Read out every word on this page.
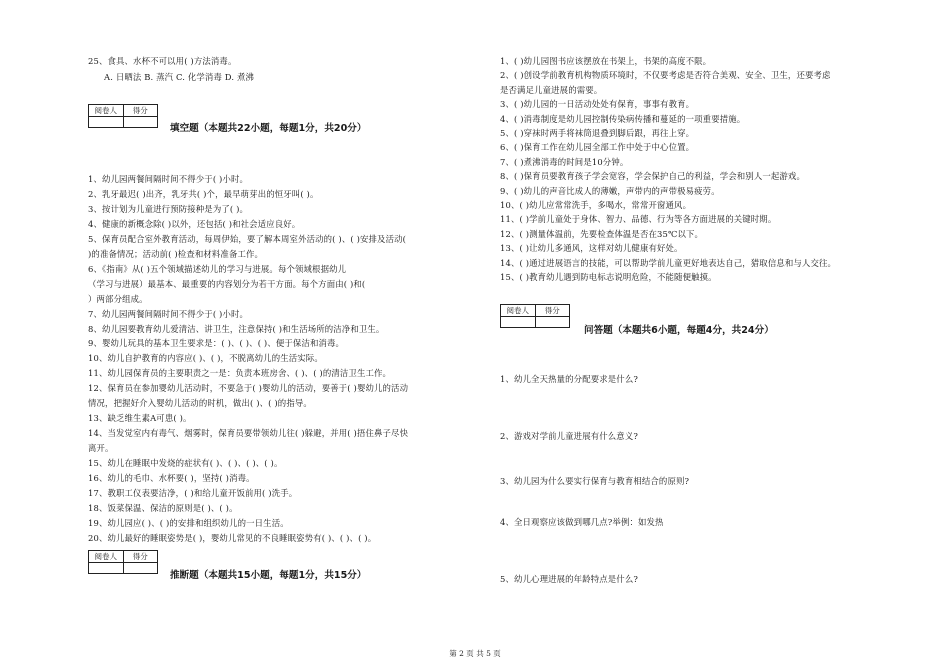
25、食具、水杯不可以用( )方法消毒。
A. 日晒法 B. 蒸汽 C. 化学消毒 D. 煮沸
阅卷人	得分
填空题（本题共22小题，每题1分，共20分）
1、幼儿园两餐间隔时间不得少于( )小时。
2、乳牙最迟( )出齐，乳牙共( )个，最早萌芽出的恒牙叫( )。
3、按计划为儿童进行预防接种是为了( )。
4、健康的新概念除( )以外，还包括( )和社会适应良好。
5、保育员配合室外教育活动，每周伊始，要了解本周室外活动的( )、( )安排及活动(
)的准备情况；活动前( )检查和材料准备工作。
6、《指南》从( )五个领域描述幼儿的学习与进展。每个领域根据幼儿
（学习与进展）最基本、最重要的内容划分为若干方面。每个方面由( )和(
）两部分组成。
7、幼儿园两餐间隔时间不得少于( )小时。
8、幼儿园要教育幼儿爱清洁、讲卫生，注意保持( )和生活场所的洁净和卫生。
9、婴幼儿玩具的基本卫生要求是：( )、( )、( )、便于保洁和消毒。
10、幼儿自护教育的内容应( )、( )，不脱离幼儿的生活实际。
11、幼儿园保育员的主要职责之一是：负责本班房舍、( )、( )的清洁卫生工作。
12、保育员在参加婴幼儿活动时，不要急于( )婴幼儿的活动，要善于( )婴幼儿的活动
情况，把握好介入婴幼儿活动的时机，做出( )、( )的指导。
13、缺乏维生素A可患( )。
14、当发觉室内有毒气、烟雾时，保育员要带领幼儿往( )躲避，并用( )捂住鼻子尽快
离开。
15、幼儿在睡眠中发烧的症状有( )、( )、( )、( )。
16、幼儿的毛巾、水杯要( )，坚持( )消毒。
17、教职工仪表要洁净，( )和给儿童开饭前用( )洗手。
18、饭菜保温、保洁的原则是( )、( )。
19、幼儿园应( )、( )的安排和组织幼儿的一日生活。
20、幼儿最好的睡眠姿势是( )，婴幼儿常见的不良睡眠姿势有( )、( )、( )。
阅卷人	得分
推断题（本题共15小题，每题1分，共15分）
1、( )幼儿园图书应该摆放在书架上，书架的高度不限。
2、( )创设学前教育机构物质环境时，不仅要考虑是否符合美观、安全、卫生，还要考虑
是否满足儿童进展的需要。
3、( )幼儿园的一日活动处处有保育，事事有教育。
4、( )消毒制度是幼儿园控制传染病传播和蔓延的一项重要措施。
5、( )穿袜时两手将袜筒退叠到脚后跟，再往上穿。
6、( )保育工作在幼儿园全部工作中处于中心位置。
7、( )煮沸消毒的时间是10分钟。
8、( )保育员要教育孩子学会宽容，学会保护自己的利益，学会和别人一起游戏。
9、( )幼儿的声音比成人的薄嫩，声带内的声带极易疲劳。
10、( )幼儿应常常洗手，多喝水，常常开窗通风。
11、( )学前儿童处于身体、智力、品德、行为等各方面进展的关键时期。
12、( )测量体温前，先要检查体温是否在35℃以下。
13、( )让幼儿多通风，这样对幼儿健康有好处。
14、( )通过进展语言的技能，可以帮助学前儿童更好地表达自己，猎取信息和与人交往。
15、( )教育幼儿遇到防电标志说明危险，不能随便触摸。
阅卷人	得分
问答题（本题共6小题，每题4分，共24分）
1、幼儿全天热量的分配要求是什么?
2、游戏对学前儿童进展有什么意义?
3、幼儿园为什么要实行保育与教育相结合的原则?
4、全日观察应该做到哪几点?举例：如发热
5、幼儿心理进展的年龄特点是什么?
第 2 页 共 5 页
